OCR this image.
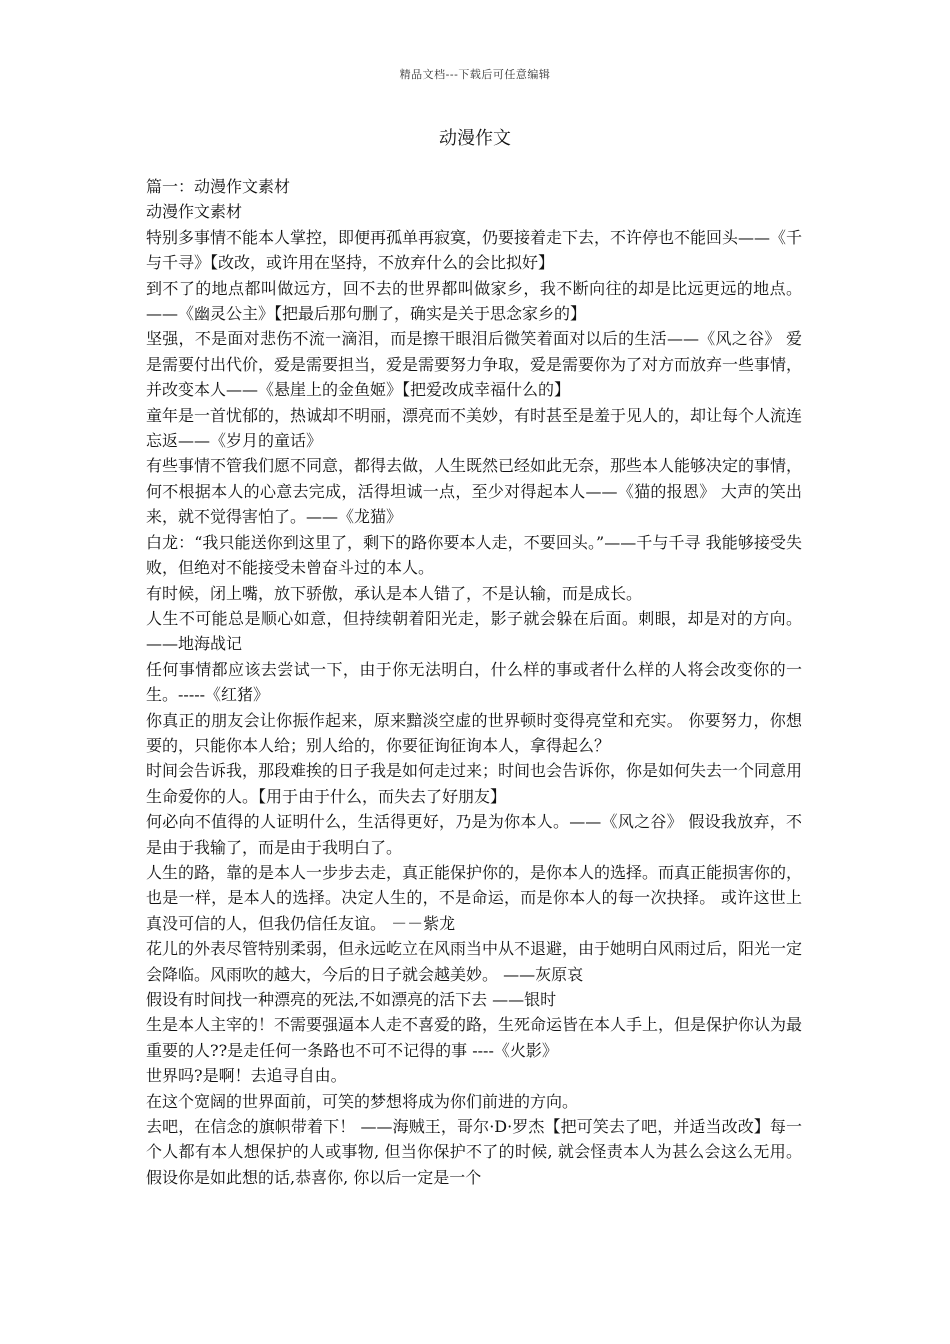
精品文档---下载后可任意编辑
动漫作文

篇一：动漫作文素材

动漫作文素材

特别多事情不能本人掌控，即便再孤单再寂寞，仍要接着走下去，不许停也不能回头——《千与千寻》【改改，或许用在坚持，不放弃什么的会比拟好】

到不了的地点都叫做远方，回不去的世界都叫做家乡，我不断向往的却是比远更远的地点。——《幽灵公主》【把最后那句删了，确实是关于思念家乡的】

坚强，不是面对悲伤不流一滴泪，而是擦干眼泪后微笑着面对以后的生活——《风之谷》 爱是需要付出代价，爱是需要担当，爱是需要努力争取，爱是需要你为了对方而放弃一些事情，并改变本人——《悬崖上的金鱼姬》【把爱改成幸福什么的】

童年是一首忧郁的，热诚却不明丽，漂亮而不美妙，有时甚至是羞于见人的，却让每个人流连忘返——《岁月的童话》

有些事情不管我们愿不同意，都得去做，人生既然已经如此无奈，那些本人能够决定的事情， 何不根据本人的心意去完成，活得坦诚一点，至少对得起本人——《猫的报恩》 大声的笑出来，就不觉得害怕了。——《龙猫》

白龙：“我只能送你到这里了，剩下的路你要本人走，不要回头。”——千与千寻 我能够接受失败，但绝对不能接受未曾奋斗过的本人。

有时候，闭上嘴，放下骄傲，承认是本人错了，不是认输，而是成长。

人生不可能总是顺心如意，但持续朝着阳光走，影子就会躲在后面。刺眼，却是对的方向。——地海战记

任何事情都应该去尝试一下，由于你无法明白，什么样的事或者什么样的人将会改变你的一生。-----《红猪》

你真正的朋友会让你振作起来，原来黯淡空虚的世界顿时变得亮堂和充实。 你要努力，你想要的，只能你本人给；别人给的，你要征询征询本人，拿得起么？

时间会告诉我，那段难挨的日子我是如何走过来；时间也会告诉你，你是如何失去一个同意用生命爱你的人。【用于由于什么，而失去了好朋友】

何必向不值得的人证明什么，生活得更好，乃是为你本人。——《风之谷》 假设我放弃，不是由于我输了，而是由于我明白了。

人生的路，靠的是本人一步步去走，真正能保护你的，是你本人的选择。而真正能损害你的，也是一样，是本人的选择。决定人生的，不是命运，而是你本人的每一次抉择。 或许这世上真没可信的人，但我仍信任友谊。 －－紫龙

花儿的外表尽管特别柔弱，但永远屹立在风雨当中从不退避，由于她明白风雨过后，阳光一定会降临。风雨吹的越大，今后的日子就会越美妙。 ——灰原哀

假设有时间找一种漂亮的死法,不如漂亮的活下去 ——银时

生是本人主宰的！不需要强逼本人走不喜爱的路，生死命运皆在本人手上，但是保护你认为最重要的人??是走任何一条路也不可不记得的事 ----《火影》

世界吗?是啊！去追寻自由。

在这个宽阔的世界面前，可笑的梦想将成为你们前进的方向。

去吧，在信念的旗帜带着下！ ——海贼王，哥尔·D·罗杰【把可笑去了吧，并适当改改】每一个人都有本人想保护的人或事物, 但当你保护不了的时候, 就会怪责本人为甚么会这么无用。假设你是如此想的话,恭喜你, 你以后一定是一个
